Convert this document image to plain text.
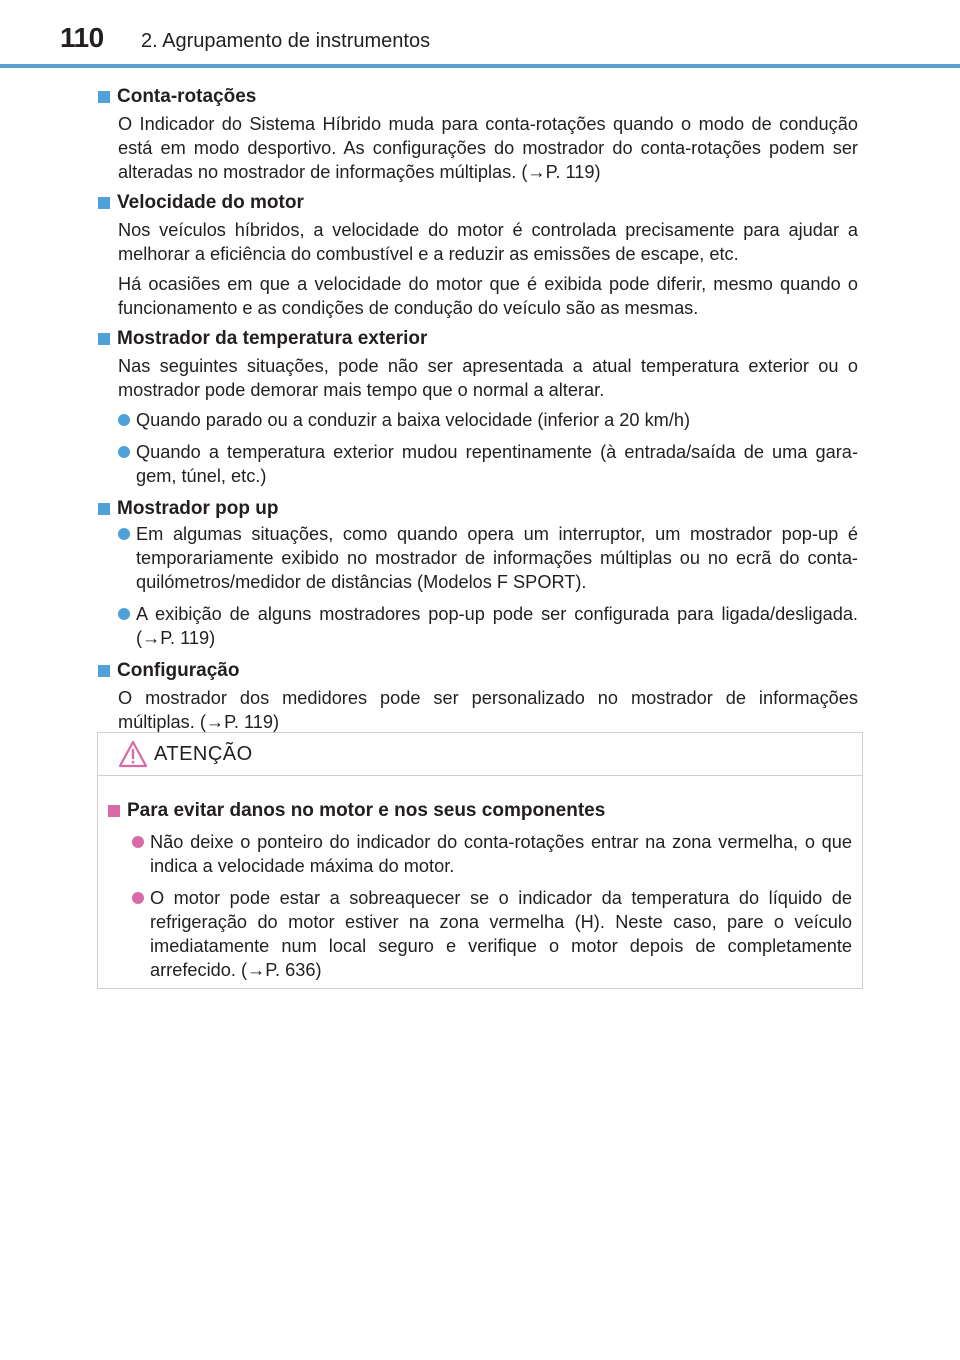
110 2. Agrupamento de instrumentos
Conta-rotações
O Indicador do Sistema Híbrido muda para conta-rotações quando o modo de condução está em modo desportivo. As configurações do mostrador do conta-rotações podem ser alteradas no mostrador de informações múltiplas. (→P. 119)
Velocidade do motor
Nos veículos híbridos, a velocidade do motor é controlada precisamente para ajudar a melhorar a eficiência do combustível e a reduzir as emissões de escape, etc.
Há ocasiões em que a velocidade do motor que é exibida pode diferir, mesmo quando o funcionamento e as condições de condução do veículo são as mesmas.
Mostrador da temperatura exterior
Nas seguintes situações, pode não ser apresentada a atual temperatura exterior ou o mostrador pode demorar mais tempo que o normal a alterar.
Quando parado ou a conduzir a baixa velocidade (inferior a 20 km/h)
Quando a temperatura exterior mudou repentinamente (à entrada/saída de uma garagem, túnel, etc.)
Mostrador pop up
Em algumas situações, como quando opera um interruptor, um mostrador pop-up é temporariamente exibido no mostrador de informações múltiplas ou no ecrã do conta-quilómetros/medidor de distâncias (Modelos F SPORT).
A exibição de alguns mostradores pop-up pode ser configurada para ligada/desligada. (→P. 119)
Configuração
O mostrador dos medidores pode ser personalizado no mostrador de informações múltiplas. (→P. 119)
ATENÇÃO
Para evitar danos no motor e nos seus componentes
Não deixe o ponteiro do indicador do conta-rotações entrar na zona vermelha, o que indica a velocidade máxima do motor.
O motor pode estar a sobreaquecer se o indicador da temperatura do líquido de refrigeração do motor estiver na zona vermelha (H). Neste caso, pare o veículo imediatamente num local seguro e verifique o motor depois de completamente arrefecido. (→P. 636)
